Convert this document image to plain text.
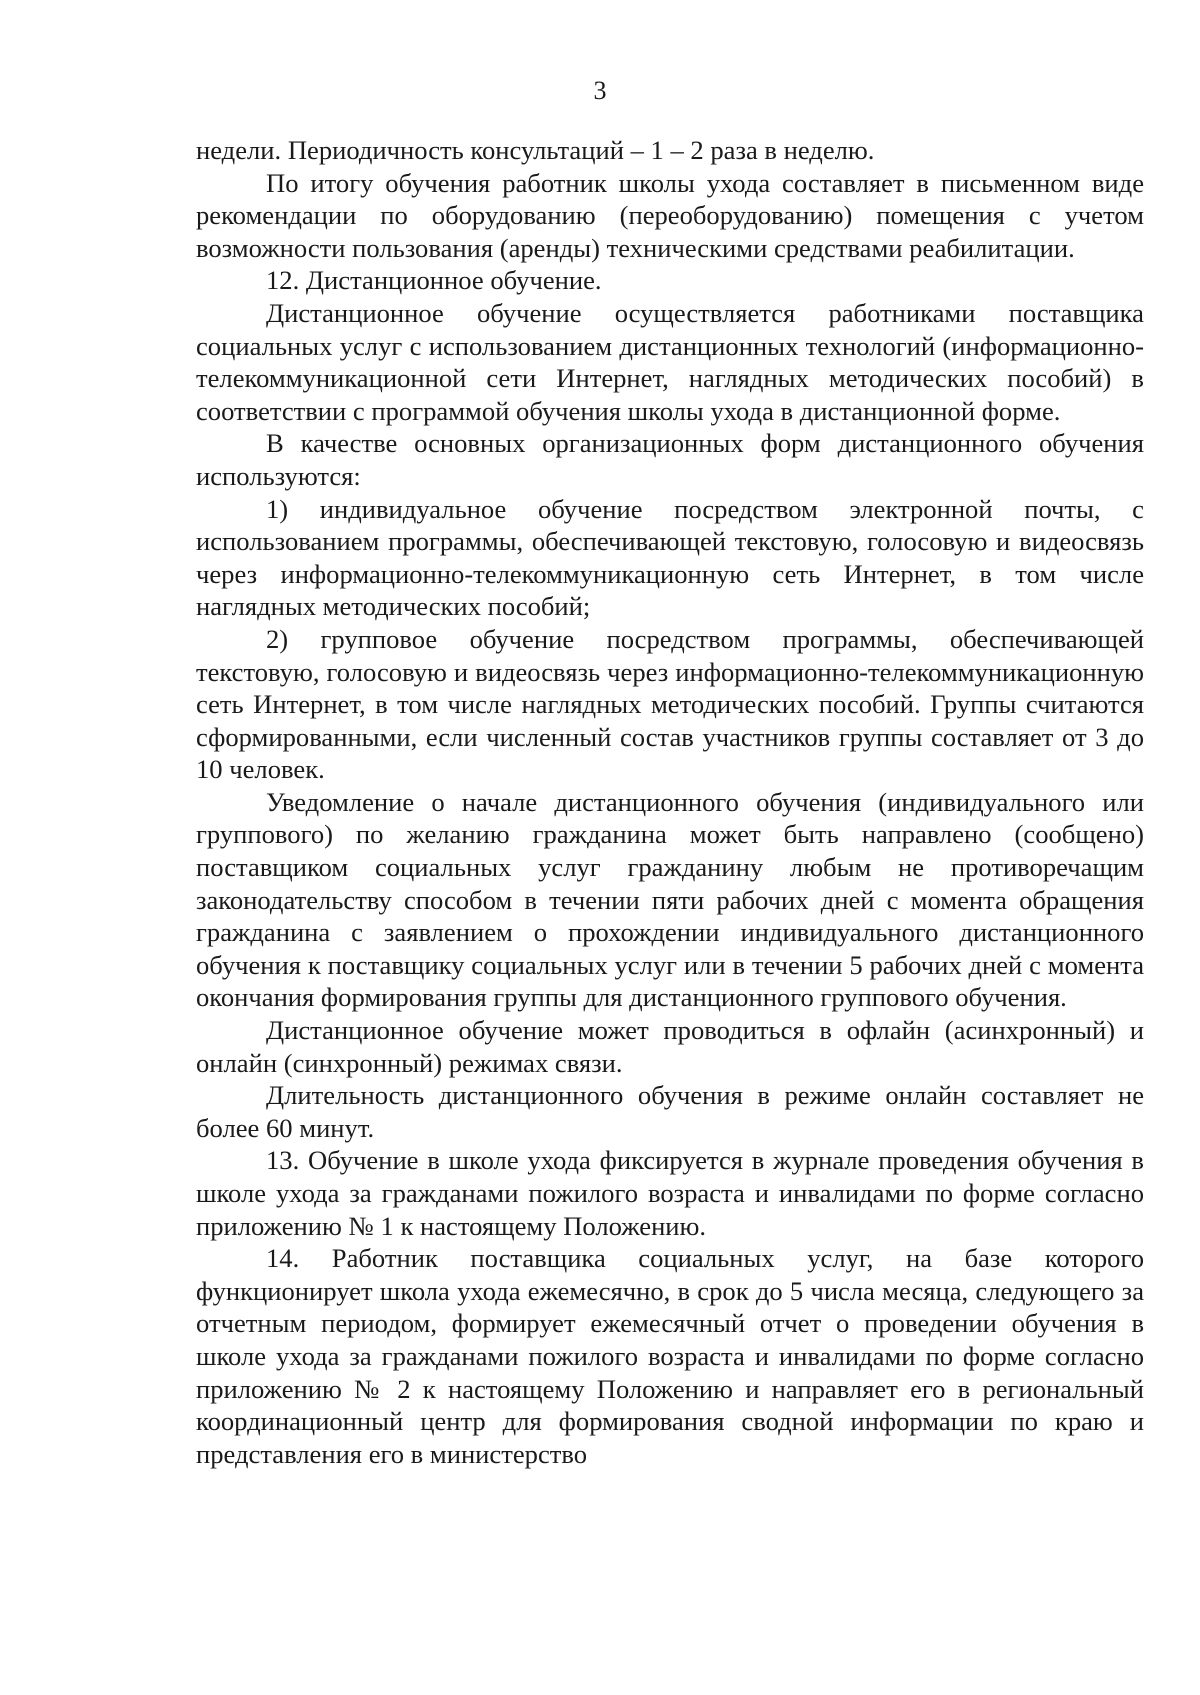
3

недели. Периодичность консультаций – 1 – 2 раза в неделю.

По итогу обучения работник школы ухода составляет в письменном виде рекомендации по оборудованию (переоборудованию) помещения с учетом возможности пользования (аренды) техническими средствами реабилитации.

12. Дистанционное обучение.

Дистанционное обучение осуществляется работниками поставщика социальных услуг с использованием дистанционных технологий (информационно-телекоммуникационной сети Интернет, наглядных методических пособий) в соответствии с программой обучения школы ухода в дистанционной форме.

В качестве основных организационных форм дистанционного обучения используются:

1) индивидуальное обучение посредством электронной почты, с использованием программы, обеспечивающей текстовую, голосовую и видеосвязь через информационно-телекоммуникационную сеть Интернет, в том числе наглядных методических пособий;

2) групповое обучение посредством программы, обеспечивающей текстовую, голосовую и видеосвязь через информационно-телекоммуникационную сеть Интернет, в том числе наглядных методических пособий. Группы считаются сформированными, если численный состав участников группы составляет от 3 до 10 человек.

Уведомление о начале дистанционного обучения (индивидуального или группового) по желанию гражданина может быть направлено (сообщено) поставщиком социальных услуг гражданину любым не противоречащим законодательству способом в течении пяти рабочих дней с момента обращения гражданина с заявлением о прохождении индивидуального дистанционного обучения к поставщику социальных услуг или в течении 5 рабочих дней с момента окончания формирования группы для дистанционного группового обучения.

Дистанционное обучение может проводиться в офлайн (асинхронный) и онлайн (синхронный) режимах связи.

Длительность дистанционного обучения в режиме онлайн составляет не более 60 минут.

13. Обучение в школе ухода фиксируется в журнале проведения обучения в школе ухода за гражданами пожилого возраста и инвалидами по форме согласно приложению № 1 к настоящему Положению.

14. Работник поставщика социальных услуг, на базе которого функционирует школа ухода ежемесячно, в срок до 5 числа месяца, следующего за отчетным периодом, формирует ежемесячный отчет о проведении обучения в школе ухода за гражданами пожилого возраста и инвалидами по форме согласно приложению № 2 к настоящему Положению и направляет его в региональный координационный центр для формирования сводной информации по краю и представления его в министерство
